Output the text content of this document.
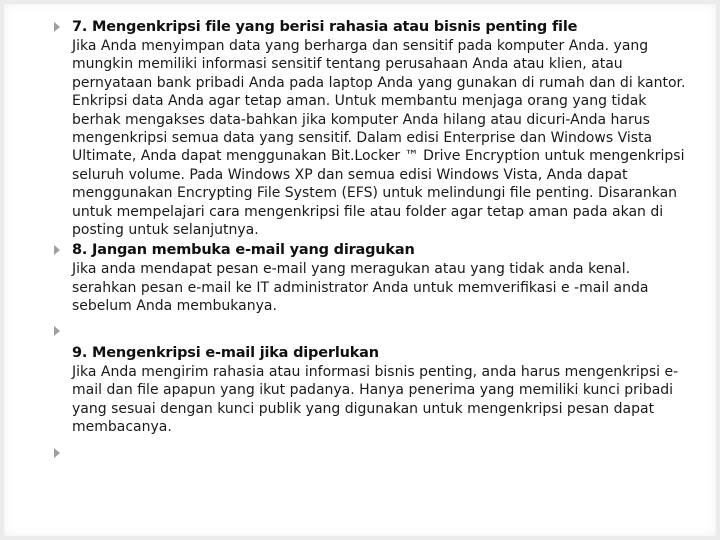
7. Mengenkripsi file yang berisi rahasia atau bisnis penting file

Jika Anda menyimpan data yang berharga dan sensitif pada komputer Anda. yang mungkin memiliki informasi sensitif tentang perusahaan Anda atau klien, atau pernyataan bank pribadi Anda pada laptop Anda yang gunakan di rumah dan di kantor. Enkripsi data Anda agar tetap aman. Untuk membantu menjaga orang yang tidak berhak mengakses data-bahkan jika komputer Anda hilang atau dicuri-Anda harus mengenkripsi semua data yang sensitif. Dalam edisi Enterprise dan Windows Vista Ultimate, Anda dapat menggunakan Bit.Locker ™ Drive Encryption untuk mengenkripsi seluruh volume. Pada Windows XP dan semua edisi Windows Vista, Anda dapat menggunakan Encrypting File System (EFS) untuk melindungi file penting. Disarankan untuk mempelajari cara mengenkripsi file atau folder agar tetap aman pada akan di posting untuk selanjutnya.

8. Jangan membuka e-mail yang diragukan

Jika anda mendapat pesan e-mail yang meragukan atau yang tidak anda kenal. serahkan pesan e-mail ke IT administrator Anda untuk memverifikasi e -mail anda sebelum Anda membukanya.

9. Mengenkripsi e-mail jika diperlukan

Jika Anda mengirim rahasia atau informasi bisnis penting, anda harus mengenkripsi e-mail dan file apapun yang ikut padanya. Hanya penerima yang memiliki kunci pribadi yang sesuai dengan kunci publik yang digunakan untuk mengenkripsi pesan dapat membacanya.
